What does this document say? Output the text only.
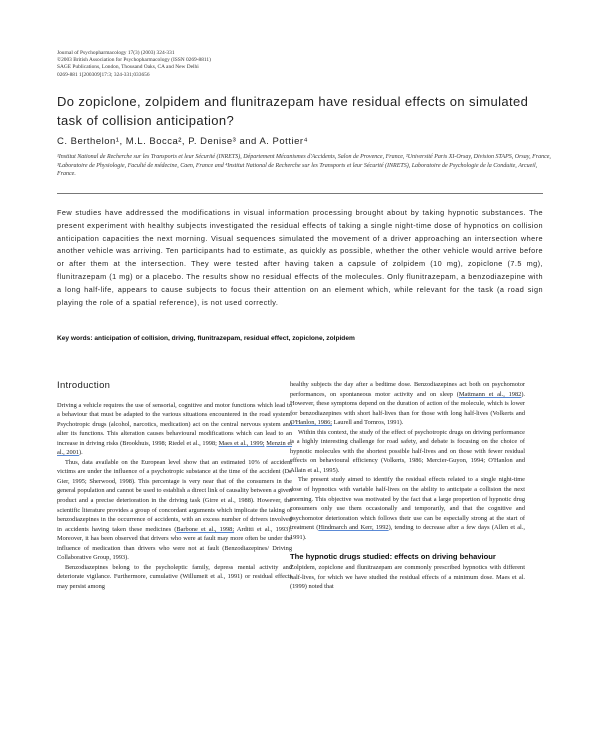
Journal of Psychopharmacology 17(3) (2003) 324-331
©2003 British Association for Psychopharmacology (ISSN 0269-8811)
SAGE Publications, London, Thousand Oaks, CA and New Delhi
0269-881 1[200309]17:3; 324-331;033656
Do zopiclone, zolpidem and flunitrazepam have residual effects on simulated task of collision anticipation?
C. Berthelon¹, M.L. Bocca², P. Denise³ and A. Pottier⁴
¹Institut National de Recherche sur les Transports et leur Sécurité (INRETS), Département Mécanismes d'Accidents, Salon de Provence, France, ²Université Paris XI-Orsay, Division STAPS, Orsay, France, ³Laboratoire de Physiologie, Faculté de médecine, Caen, France and ⁴Institut National de Recherche sur les Transports et leur Sécurité (INRETS), Laboratoire de Psychologie de la Conduite, Arcueil, France.
Few studies have addressed the modifications in visual information processing brought about by taking hypnotic substances. The present experiment with healthy subjects investigated the residual effects of taking a single night-time dose of hypnotics on collision anticipation capacities the next morning. Visual sequences simulated the movement of a driver approaching an intersection where another vehicle was arriving. Ten participants had to estimate, as quickly as possible, whether the other vehicle would arrive before or after them at the intersection. They were tested after having taken a capsule of zolpidem (10 mg), zopiclone (7.5 mg), flunitrazepam (1 mg) or a placebo. The results show no residual effects of the molecules. Only flunitrazepam, a benzodiazepine with a long half-life, appears to cause subjects to focus their attention on an element which, while relevant for the task (a road sign playing the role of a spatial reference), is not used correctly.
Key words: anticipation of collision, driving, flunitrazepam, residual effect, zopiclone, zolpidem
Introduction

Driving a vehicle requires the use of sensorial, cognitive and motor functions which lead to a behaviour that must be adapted to the various situations encountered in the road system. Psychotropic drugs (alcohol, narcotics, medication) act on the central nervous system and alter its functions. This alteration causes behavioural modifications which can lead to an increase in driving risks (Brookhuis, 1998; Riedel et al., 1998; Maes et al., 1999; Menzin et al., 2001).

Thus, data available on the European level show that an estimated 10% of accident victims are under the influence of a psychotropic substance at the time of the accident (De Gier, 1995; Sherwood, 1998). This percentage is very near that of the consumers in the general population and cannot be used to establish a direct link of causality between a given product and a precise deterioration in the driving task (Girre et al., 1988). However, the scientific literature provides a group of concordant arguments which implicate the taking of benzodiazepines in the occurrence of accidents, with an excess number of drivers involved in accidents having taken these medicines (Barbone et al., 1998; Arditti et al., 1993). Moreover, it has been observed that drivers who were at fault may more often be under the influence of medication than drivers who were not at fault (Benzodiazepines/ Driving Collaborative Group, 1993).

Benzodiazepines belong to the psycholeptic family, depress mental activity and deteriorate vigilance. Furthermore, cumulative (Willumeit et al., 1991) or residual effects may persist among

healthy subjects the day after a bedtime dose. Benzodiazepines act both on psychomotor performances, on spontaneous motor activity and on sleep (Mattmann et al., 1982). However, these symptoms depend on the duration of action of the molecule, which is lower for benzodiazepines with short half-lives than for those with long half-lives (Volkerts and O'Hanlon, 1986; Laurell and Tornros, 1991).

Within this context, the study of the effect of psychotropic drugs on driving performance is a highly interesting challenge for road safety, and debate is focusing on the choice of hypnotic molecules with the shortest possible half-lives and on those with fewer residual effects on behavioural efficiency (Volkerts, 1986; Mercier-Guyon, 1994; O'Hanlon and Allain et al., 1995).

The present study aimed to identify the residual effects related to a single night-time dose of hypnotics with variable half-lives on the ability to anticipate a collision the next morning. This objective was motivated by the fact that a large proportion of hypnotic drug consumers only use them occasionally and temporarily, and that the cognitive and psychomotor deterioration which follows their use can be especially strong at the start of treatment (Hindmarch and Kerr, 1992), tending to decrease after a few days (Allen et al., 1991).

The hypnotic drugs studied: effects on driving behaviour

Zolpidem, zopiclone and flunitrazepam are commonly prescribed hypnotics with different half-lives, for which we have studied the residual effects of a minimum dose. Maes et al. (1999) noted that
